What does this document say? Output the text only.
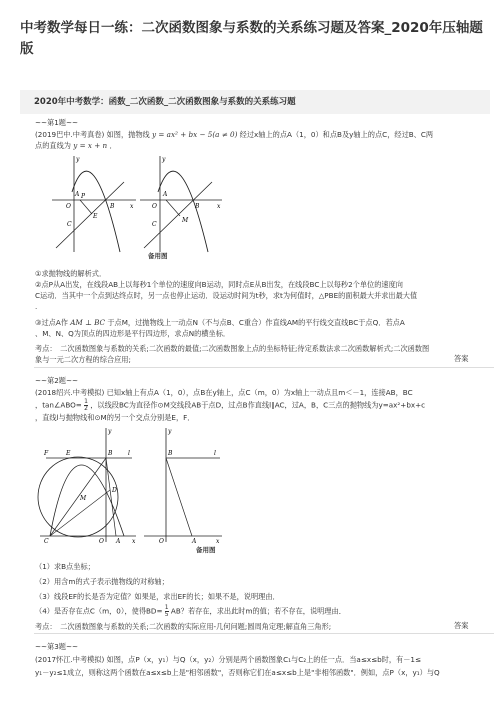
中考数学每日一练：二次函数图象与系数的关系练习题及答案_2020年压轴题
版
2020年中考数学：函数_二次函数_二次函数图象与系数的关系练习题
~~第1题~~
(2019巴中.中考真卷) 如图，抛物线 y = ax² + bx − 5(a ≠ 0) 经过x轴上的点A（1，0）和点B及y轴上的点C，经过B、C两
点的直线为 y = x + n ．
y
A P
O	B	x
E
C
y
A
O	B	x
C
M
备用图
①求抛物线的解析式．
②点P从A出发，在线段AB上以每秒1个单位的速度向B运动，同时点E从B出发，在线段BC上以每秒2个单位的速度向
C运动．当其中一个点到达终点时，另一点也停止运动．设运动时间为t秒，求t为何值时，△PBE的面积最大并求出最大值
.
③过点A作 AM ⊥ BC 于点M，过抛物线上一动点N（不与点B、C重合）作直线AM的平行线交直线BC于点Q．若点A
、M、N、Q为顶点的四边形是平行四边形，求点N的横坐标．
考点：　二次函数图象与系数的关系;二次函数的最值;二次函数图象上点的坐标特征;待定系数法求二次函数解析式;二次函数图
象与一元二次方程的综合应用;	答案
~~第2题~~
(2018绍兴.中考模拟) 已知x轴上有点A（1，0），点B在y轴上，点C（m，0）为x轴上一动点且m＜－1，连接AB，BC
，tan∠ABO= $\frac{1}{2}$ ，以线段BC为直径作⊙M交线段AB于点D，过点B作直线l∥AC，过A，B，C三点的抛物线为y=ax²+bx+c
，直线l与抛物线和⊙M的另一个交点分别是E，F．
y
F	E	B	l
D
M
C	O A x
y
B	l
O	A	x
备用图
（1）求B点坐标；
（2）用含m的式子表示抛物线的对称轴；
（3）线段EF的长是否为定值？如果是，求出EF的长；如果不是，说明理由．
（4）是否存在点C（m，0），使得$BD= \frac{1}{5}$ AB？若存在，求出此时m的值；若不存在，说明理由．
考点：　二次函数图象与系数的关系;二次函数的实际应用-几何问题;圆周角定理;解直角三角形;	答案
~~第3题~~
(2017怀江.中考模拟) 如图，点P（x，y₁）与Q（x，y₂）分别是两个函数图象C₁与C₂上的任一点．当a≤x≤b时，有－1≤
y₁－y₂≤1成立，则称这两个函数在a≤x≤b上是"相邻函数"，否则称它们在a≤x≤b上是"非相邻函数"．例如，点P（x，y₁）与Q
